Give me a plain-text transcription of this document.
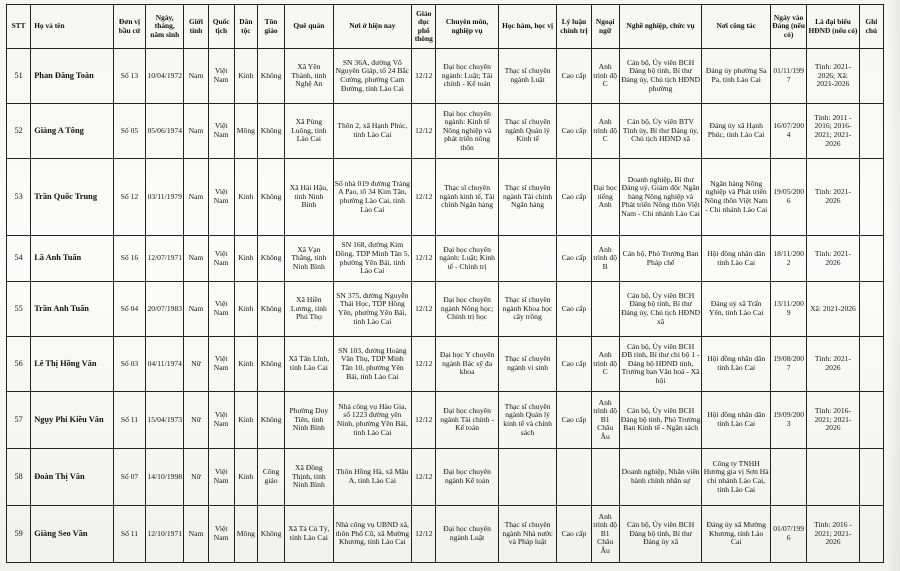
STT	Họ và tên	Đơn vị bầu cử	Ngày, tháng, năm sinh	Giới tính	Quốc tịch	Dân tộc	Tôn giáo	Quê quán	Nơi ở hiện nay	Giáo dục phổ thông	Chuyên môn, nghiệp vụ	Học hàm, học vị	Lý luận chính trị	Ngoại ngữ	Nghề nghiệp, chức vụ	Nơi công tác	Ngày vào Đảng (nếu có)	Là đại biểu HĐND (nếu có)	Ghi chú
51	Phan Đăng Toàn	Số 13	10/04/1972	Nam	Việt Nam	Kinh	Không	Xã Yên Thành, tỉnh Nghệ An	SN 36A, đường Võ Nguyên Giáp, tổ 24 Bắc Cường, phường Cam Đường, tỉnh Lào Cai	12/12	Đại học chuyên ngành: Luật; Tài chính - Kế toán	Thạc sĩ chuyên ngành Luật	Cao cấp	Anh trình độ C	Cán bộ, Ủy viên BCH Đảng bộ tỉnh, Bí thư Đảng ủy, Chủ tịch HĐND phường	Đảng ủy phường Sa Pa, tỉnh Lào Cai	01/11/1997	Tỉnh: 2021-2026; Xã: 2021-2026	
52	Giàng A Tông	Số 05	05/06/1974	Nam	Việt Nam	Mông	Không	Xã Pùng Luông, tỉnh Lào Cai	Thôn 2, xã Hạnh Phúc, tỉnh Lào Cai	12/12	Đại học chuyên ngành: Kinh tế Nông nghiệp và phát triển nông thôn	Thạc sĩ chuyên ngành Quản lý Kinh tế	Cao cấp	Anh trình độ C	Cán bộ, Ủy viên BTV Tỉnh ủy, Bí thư Đảng ủy, Chủ tịch HĐND xã	Đảng ủy xã Hạnh Phúc, tỉnh Lào Cai	16/07/2004	Tỉnh: 2011 - 2016; 2016-2021; 2021-2026	
53	Trần Quốc Trung	Số 12	03/11/1979	Nam	Việt Nam	Kinh	Không	Xã Hải Hậu, tỉnh Ninh Bình	Số nhà 019 đường Tràng A Pao, tổ 34 Kim Tân, phường Lào Cai, tỉnh Lào Cai	12/12	Thạc sĩ chuyên ngành kinh tế, Tài chính Ngân hàng	Thạc sĩ chuyên ngành Tài chính Ngân hàng	Cao cấp	Đại học tiếng Anh	Doanh nghiệp, Bí thư Đảng uỷ, Giám đốc Ngân hàng Nông nghiệp và Phát triển Nông thôn Việt Nam - Chi nhánh Lào Cai	Ngân hàng Nông nghiệp và Phát triển Nông thôn Việt Nam - Chi nhánh Lào Cai	19/05/2006	Tỉnh: 2021-2026	
54	Lã Anh Tuấn	Số 16	12/07/1971	Nam	Việt Nam	Kinh	Không	Xã Vạn Thắng, tỉnh Ninh Bình	SN 168, đường Kim Đồng, TDP Minh Tân 5, phường Yên Bái, tỉnh Lào Cai	12/12	Đại học chuyên ngành: Luật; Kinh tế - Chính trị		Cao cấp	Anh trình độ B	Cán bộ, Phó Trưởng Ban Pháp chế	Hội đồng nhân dân tỉnh Lào Cai	18/11/2002	Tỉnh: 2021-2026	
55	Trần Anh Tuấn	Số 04	20/07/1983	Nam	Việt Nam	Kinh	Không	Xã Hiền Lương, tỉnh Phú Thọ	SN 375, đường Nguyễn Thái Học, TDP Hồng Yên, phường Yên Bái, tỉnh Lào Cai	12/12	Đại học chuyên ngành Nông học; Chính trị học	Thạc sĩ chuyên ngành Khoa học cây trồng	Cao cấp		Cán bộ, Ủy viên BCH Đảng bộ tỉnh, Bí thư Đảng ủy, Chủ tịch HĐND xã	Đảng uỷ xã Trấn Yên, tỉnh Lào Cai	13/11/2009	Xã: 2021-2026	
56	Lê Thị Hồng Vân	Số 03	04/11/1974	Nữ	Việt Nam	Kinh	Không	Xã Tân Lĩnh, tỉnh Lào Cai	SN 103, đường Hoàng Văn Thụ, TDP Minh Tân 10, phường Yên Bái, tỉnh Lào Cai	12/12	Đại học Y chuyên ngành Bác sỹ đa khoa	Thạc sĩ chuyên ngành vi sinh	Cao cấp	Anh trình độ C	Cán bộ, Ủy viên BCH ĐB tỉnh, Bí thư chi bộ 1 - Đảng bộ HĐND tỉnh, Trưởng ban Văn hoá - Xã hội	Hội đồng nhân dân tỉnh Lào Cai	19/08/2007	Tỉnh: 2021-2026	
57	Ngụy Phi Kiều Vân	Số 11	15/04/1973	Nữ	Việt Nam	Kinh	Không	Phường Duy Tiên, tỉnh Ninh Bình	Nhà công vụ Hào Gia, số 1223 đường yên Ninh, phường Yên Bái, tỉnh Lào Cai	12/12	Đại học chuyên ngành Tài chính - Kế toán	Thạc sĩ chuyên ngành Quản lý kinh tế và chính sách	Cao cấp	Anh trình độ B1 Châu Âu	Cán bộ, Ủy viên BCH Đảng bộ tỉnh, Phó Trưởng Ban Kinh tế - Ngân sách	Hội đồng nhân dân tỉnh Lào Cai	19/09/2003	Tỉnh: 2016-2021; 2021-2026	
58	Đoàn Thị Vân	Số 07	14/10/1998	Nữ	Việt Nam	Kinh	Công giáo	Xã Đồng Thịnh, tỉnh Ninh Bình	Thôn Hồng Hà, xã Mậu A, tỉnh Lào Cai	12/12	Đại học chuyên ngành Kế toán				Doanh nghiệp, Nhân viên hành chính nhân sự	Công ty TNHH Hương gia vị Sơn Hà chi nhánh Lào Cai, tỉnh Lào Cai			
59	Giàng Seo Vần	Số 11	12/10/1971	Nam	Việt Nam	Mông	Không	Xã Tả Củ Tỷ, tỉnh Lào Cai	Nhà công vụ UBND xã, thôn Phố Cũ, xã Mường Khương, tỉnh Lào Cai	12/12	Đại học chuyên ngành Luật	Thạc sĩ chuyên ngành Nhà nước và Pháp luật	Cao cấp	Anh trình độ B1 Châu Âu	Cán bộ, Ủy viên BCH Đảng bộ tỉnh, Bí thư Đảng ủy xã	Đảng ủy xã Mường Khương, tỉnh Lào Cai	01/07/1996	Tỉnh: 2016 - 2021; 2021-2026	
